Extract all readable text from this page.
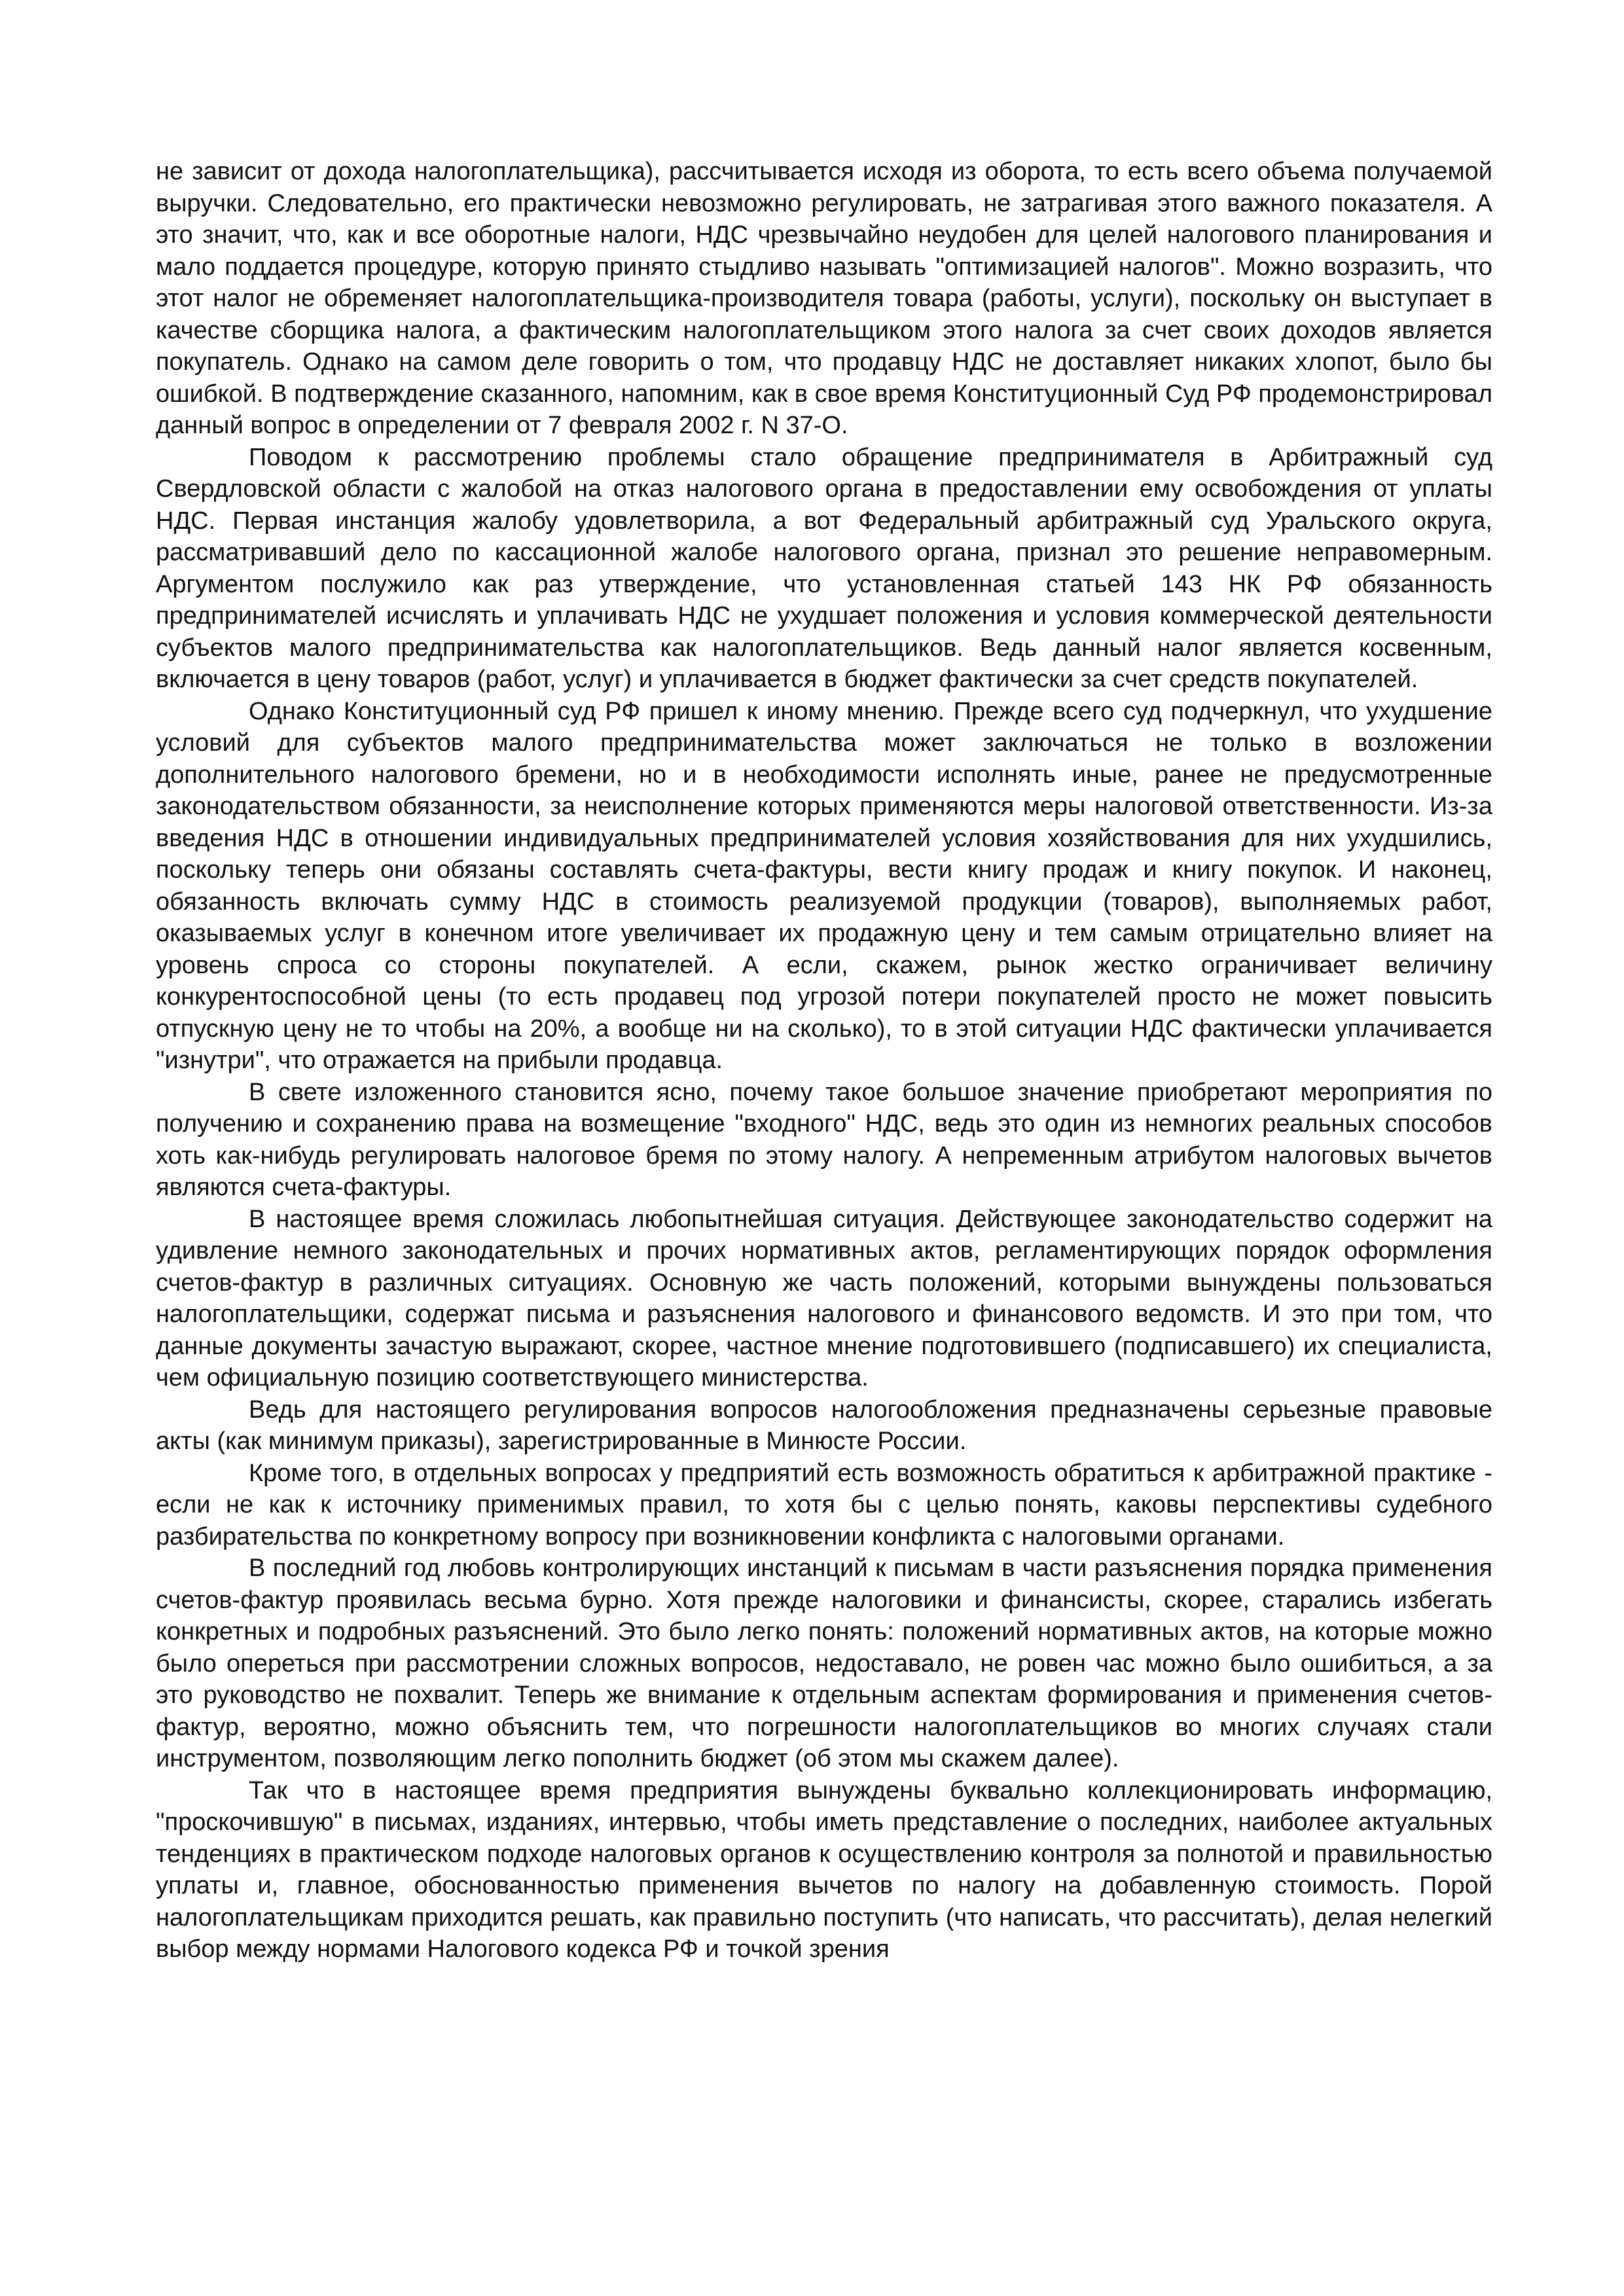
не зависит от дохода налогоплательщика), рассчитывается исходя из оборота, то есть всего объема получаемой выручки. Следовательно, его практически невозможно регулировать, не затрагивая этого важного показателя. А это значит, что, как и все оборотные налоги, НДС чрезвычайно неудобен для целей налогового планирования и мало поддается процедуре, которую принято стыдливо называть "оптимизацией налогов". Можно возразить, что этот налог не обременяет налогоплательщика-производителя товара (работы, услуги), поскольку он выступает в качестве сборщика налога, а фактическим налогоплательщиком этого налога за счет своих доходов является покупатель. Однако на самом деле говорить о том, что продавцу НДС не доставляет никаких хлопот, было бы ошибкой. В подтверждение сказанного, напомним, как в свое время Конституционный Суд РФ продемонстрировал данный вопрос в определении от 7 февраля 2002 г. N 37-О.

Поводом к рассмотрению проблемы стало обращение предпринимателя в Арбитражный суд Свердловской области с жалобой на отказ налогового органа в предоставлении ему освобождения от уплаты НДС. Первая инстанция жалобу удовлетворила, а вот Федеральный арбитражный суд Уральского округа, рассматривавший дело по кассационной жалобе налогового органа, признал это решение неправомерным. Аргументом послужило как раз утверждение, что установленная статьей 143 НК РФ обязанность предпринимателей исчислять и уплачивать НДС не ухудшает положения и условия коммерческой деятельности субъектов малого предпринимательства как налогоплательщиков. Ведь данный налог является косвенным, включается в цену товаров (работ, услуг) и уплачивается в бюджет фактически за счет средств покупателей.

Однако Конституционный суд РФ пришел к иному мнению. Прежде всего суд подчеркнул, что ухудшение условий для субъектов малого предпринимательства может заключаться не только в возложении дополнительного налогового бремени, но и в необходимости исполнять иные, ранее не предусмотренные законодательством обязанности, за неисполнение которых применяются меры налоговой ответственности. Из-за введения НДС в отношении индивидуальных предпринимателей условия хозяйствования для них ухудшились, поскольку теперь они обязаны составлять счета-фактуры, вести книгу продаж и книгу покупок. И наконец, обязанность включать сумму НДС в стоимость реализуемой продукции (товаров), выполняемых работ, оказываемых услуг в конечном итоге увеличивает их продажную цену и тем самым отрицательно влияет на уровень спроса со стороны покупателей. А если, скажем, рынок жестко ограничивает величину конкурентоспособной цены (то есть продавец под угрозой потери покупателей просто не может повысить отпускную цену не то чтобы на 20%, а вообще ни на сколько), то в этой ситуации НДС фактически уплачивается "изнутри", что отражается на прибыли продавца.

В свете изложенного становится ясно, почему такое большое значение приобретают мероприятия по получению и сохранению права на возмещение "входного" НДС, ведь это один из немногих реальных способов хоть как-нибудь регулировать налоговое бремя по этому налогу. А непременным атрибутом налоговых вычетов являются счета-фактуры.

В настоящее время сложилась любопытнейшая ситуация. Действующее законодательство содержит на удивление немного законодательных и прочих нормативных актов, регламентирующих порядок оформления счетов-фактур в различных ситуациях. Основную же часть положений, которыми вынуждены пользоваться налогоплательщики, содержат письма и разъяснения налогового и финансового ведомств. И это при том, что данные документы зачастую выражают, скорее, частное мнение подготовившего (подписавшего) их специалиста, чем официальную позицию соответствующего министерства.

Ведь для настоящего регулирования вопросов налогообложения предназначены серьезные правовые акты (как минимум приказы), зарегистрированные в Минюсте России.

Кроме того, в отдельных вопросах у предприятий есть возможность обратиться к арбитражной практике - если не как к источнику применимых правил, то хотя бы с целью понять, каковы перспективы судебного разбирательства по конкретному вопросу при возникновении конфликта с налоговыми органами.

В последний год любовь контролирующих инстанций к письмам в части разъяснения порядка применения счетов-фактур проявилась весьма бурно. Хотя прежде налоговики и финансисты, скорее, старались избегать конкретных и подробных разъяснений. Это было легко понять: положений нормативных актов, на которые можно было опереться при рассмотрении сложных вопросов, недоставало, не ровен час можно было ошибиться, а за это руководство не похвалит. Теперь же внимание к отдельным аспектам формирования и применения счетов-фактур, вероятно, можно объяснить тем, что погрешности налогоплательщиков во многих случаях стали инструментом, позволяющим легко пополнить бюджет (об этом мы скажем далее).

Так что в настоящее время предприятия вынуждены буквально коллекционировать информацию, "проскочившую" в письмах, изданиях, интервью, чтобы иметь представление о последних, наиболее актуальных тенденциях в практическом подходе налоговых органов к осуществлению контроля за полнотой и правильностью уплаты и, главное, обоснованностью применения вычетов по налогу на добавленную стоимость. Порой налогоплательщикам приходится решать, как правильно поступить (что написать, что рассчитать), делая нелегкий выбор между нормами Налогового кодекса РФ и точкой зрения
